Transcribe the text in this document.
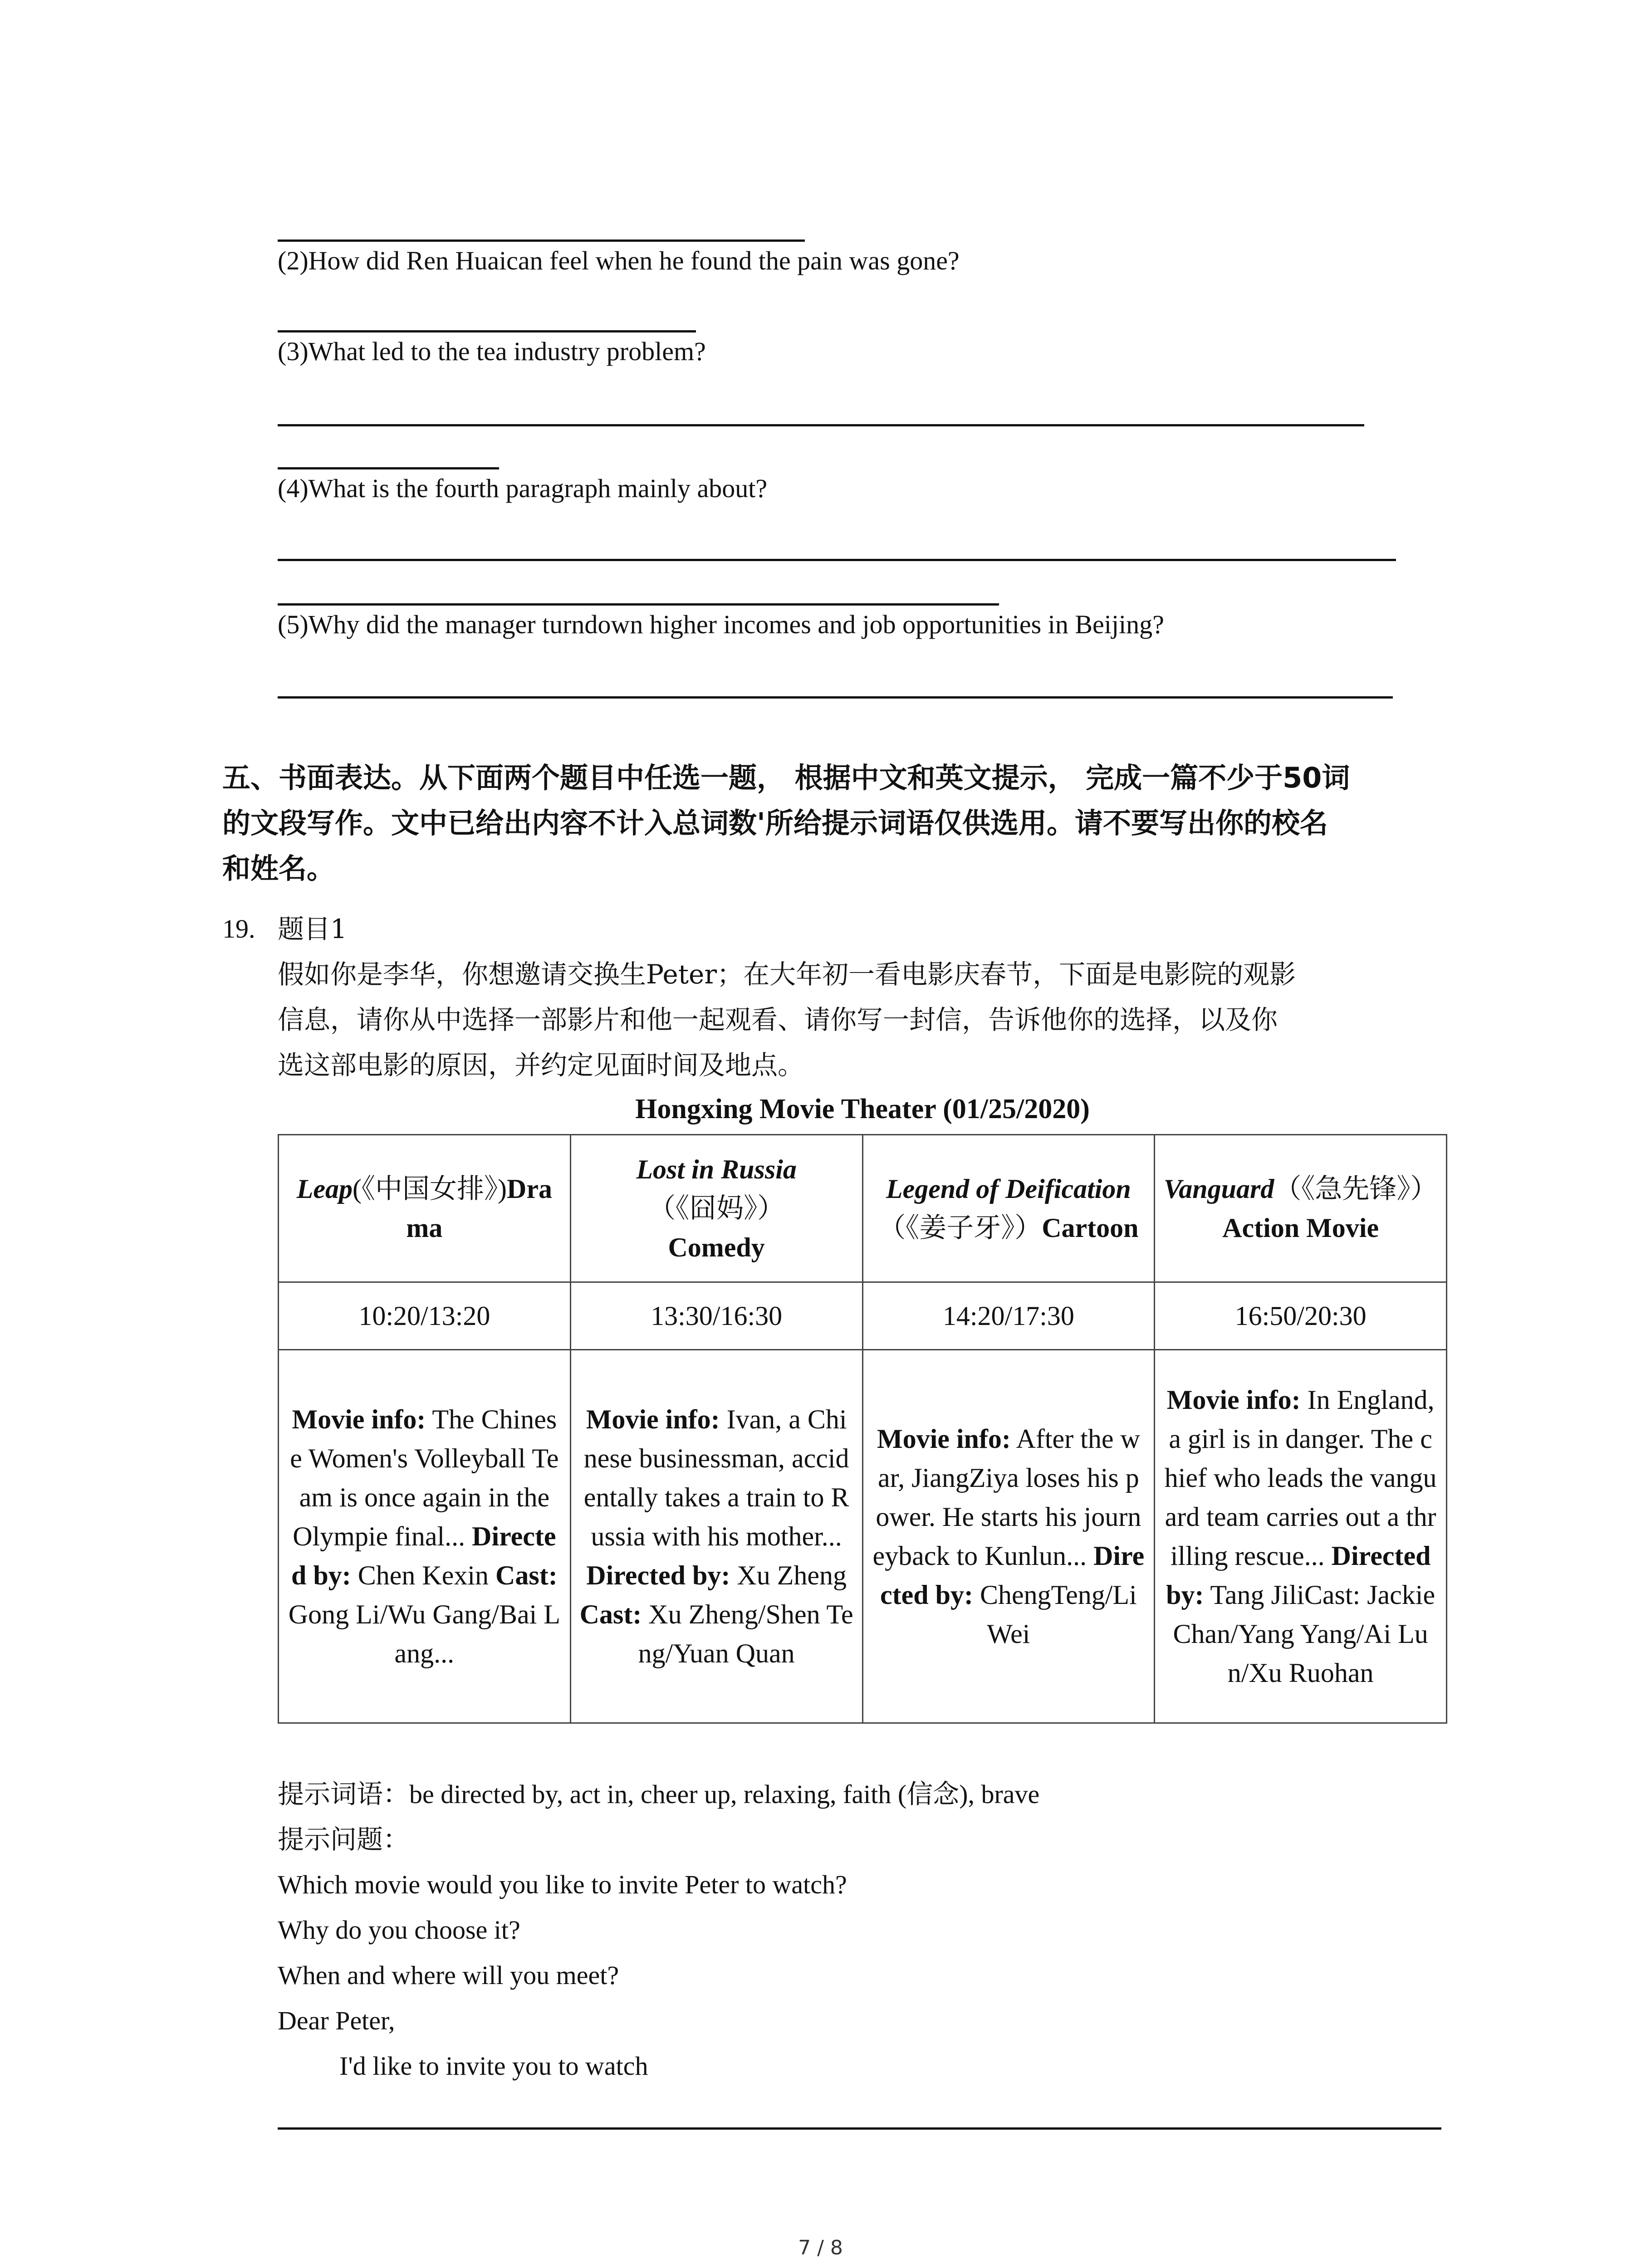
(2)How did Ren Huaican feel when he found the pain was gone?
(3)What led to the tea industry problem?
(4)What is the fourth paragraph mainly about?
(5)Why did the manager turndown higher incomes and job opportunities in Beijing?
五、书面表达。从下面两个题目中任选一题， 根据中文和英文提示， 完成一篇不少于50词
的文段写作。文中已给出内容不计入总词数'所给提示词语仅供选用。请不要写出你的校名
和姓名。
19. 题目1
假如你是李华，你想邀请交换生Peter；在大年初一看电影庆春节，下面是电影院的观影
信息，请你从中选择一部影片和他一起观看、请你写一封信，告诉他你的选择，以及你
选这部电影的原因，并约定见面时间及地点。
Hongxing Movie Theater (01/25/2020)
Leap(《中国女排》)Drama	Lost in Russia
（《囧妈》）
Comedy	Legend of Deification（《姜子牙》）Cartoon	Vanguard（《急先锋》）Action Movie
10:20/13:20	13:30/16:30	14:20/17:30	16:50/20:30
Movie info: The Chinese Women's Volleyball Team is once again in the Olympie final... Directed by: Chen Kexin Cast: Gong Li/Wu Gang/Bai Lang...	Movie info: Ivan, a Chinese businessman, accidentally takes a train to Russia with his mother... Directed by: Xu Zheng Cast: Xu Zheng/Shen Teng/Yuan Quan	Movie info: After the war, JiangZiya loses his power. He starts his journeyback to Kunlun... Directed by: ChengTeng/Li Wei	Movie info: In England, a girl is in danger. The chief who leads the vanguard team carries out a thrilling rescue... Directed by: Tang JiliCast: Jackie Chan/Yang Yang/Ai Lun/Xu Ruohan
提示词语：be directed by, act in, cheer up, relaxing, faith (信念), brave
提示问题：
Which movie would you like to invite Peter to watch?
Why do you choose it?
When and where will you meet?
Dear Peter,
I'd like to invite you to watch
7 / 8
